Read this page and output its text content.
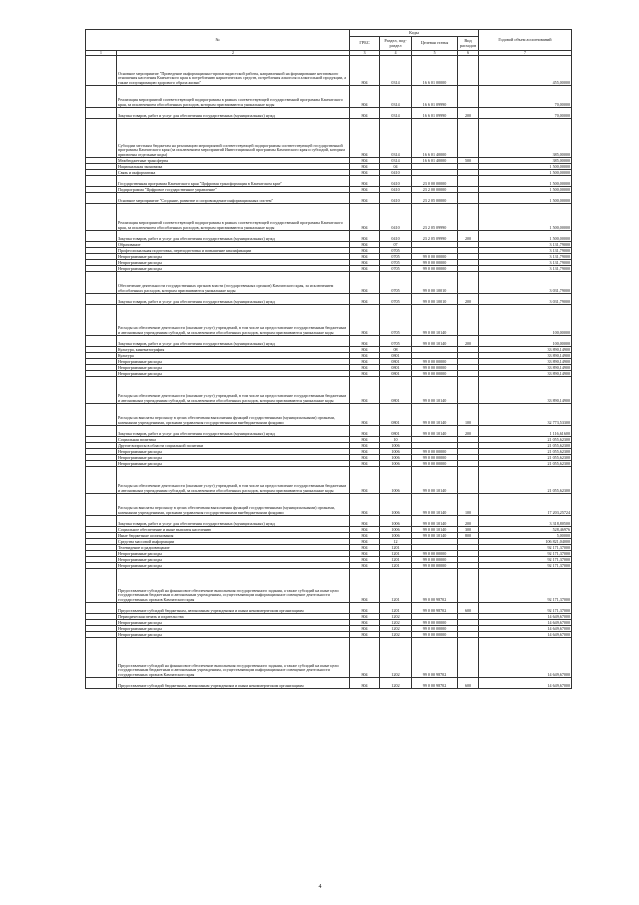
№		Коды				Годовой объем ассигнований
		ГРБС	Раздел, под-раздел	Целевая статья	Вид расходов	
1	2	3	4	5	6	7
	Основное мероприятие "Проведение информационно-пропагандистской работы, направленной на формирование негативного отношения населения Камчатского края к потреблению наркотических средств, потребления алкоголя и алкогольной продукции, а также популяризацию здорового образа жизни"	804	0314	16 6 01 00000		455,00000
	Реализация мероприятий соответствующей подпрограммы в рамках соответствующей государственной программы Камчатского края, за исключением обособленных расходов, которым присваиваются уникальные коды	804	0314	16 6 01 09990		70,00000
	Закупка товаров, работ и услуг для обеспечения государственных (муниципальных) нужд	804	0314	16 6 01 09990	200	70,00000
	Субсидии местным бюджетам на реализацию мероприятий соответствующей подпрограммы соответствующей государственной программы Камчатского края (за исключением мероприятий Инвестиционной программы Камчатского края и субсидий, которым присвоены отдельные коды)	804	0314	16 6 01 40000		385,00000
	Межбюджетные трансферты	804	0314	16 6 01 40000	500	385,00000
	Национальная экономика	804	04			1 500,00000
	Связь и информатика	804	0410			1 500,00000
	Государственная программа Камчатского края "Цифровая трансформация в Камчатском крае"	804	0410	23 0 00 00000		1 500,00000
	Подпрограмма "Цифровое государственное управление"	804	0410	23 2 00 00000		1 500,00000
	Основное мероприятие "Создание, развитие и сопровождение информационных систем"	804	0410	23 2 05 00000		1 500,00000
	Реализация мероприятий соответствующей подпрограммы в рамках соответствующей государственной программы Камчатского края, за исключением обособленных расходов, которым присваиваются уникальные коды	804	0410	23 2 05 09990		1 500,00000
	Закупка товаров, работ и услуг для обеспечения государственных (муниципальных) нужд	804	0410	23 2 05 09990	200	1 500,00000
	Образование	804	07			3 131,79000
	Профессиональная подготовка, переподготовка и повышение квалификации	804	0705			3 131,79000
	Непрограммные расходы	804	0705	99 0 00 00000		3 131,79000
	Непрограммные расходы	804	0705	99 0 00 00000		3 131,79000
	Непрограммные расходы	804	0705	99 0 00 00000		3 131,79000
	Обеспечение деятельности государственных органов власти (государственных органов) Камчатского края, за исключением обособленных расходов, которым присваиваются уникальные коды	804	0705	99 0 00 10010		3 031,79000
	Закупка товаров, работ и услуг для обеспечения государственных (муниципальных) нужд	804	0705	99 0 00 10010	200	3 031,79000
	Расходы на обеспечение деятельности (оказание услуг) учреждений, в том числе на предоставление государственным бюджетным и автономным учреждениям субсидий, за исключением обособленных расходов, которым присваиваются уникальные коды	804	0705	99 0 00 10140		100,00000
	Закупка товаров, работ и услуг для обеспечения государственных (муниципальных) нужд	804	0705	99 0 00 10140	200	100,00000
	Культура, кинематография	804	08			33 890,14900
	Культура	804	0801			33 890,14900
	Непрограммные расходы	804	0801	99 0 00 00000		33 890,14900
	Непрограммные расходы	804	0801	99 0 00 00000		33 890,14900
	Непрограммные расходы	804	0801	99 0 00 00000		33 890,14900
	Расходы на обеспечение деятельности (оказание услуг) учреждений, в том числе на предоставление государственным бюджетным и автономным учреждениям субсидий, за исключением обособленных расходов, которым присваиваются уникальные коды	804	0801	99 0 00 10140		33 890,14900
	Расходы на выплаты персоналу в целях обеспечения выполнения функций государственными (муниципальными) органами, казенными учреждениями, органами управления государственными внебюджетными фондами	804	0801	99 0 00 10140	100	32 773,53300
	Закупка товаров, работ и услуг для обеспечения государственных (муниципальных) нужд	804	0801	99 0 00 10140	200	1 116,61600
	Социальная политика	804	10			21 055,62300
	Другие вопросы в области социальной политики	804	1006			21 055,62300
	Непрограммные расходы	804	1006	99 0 00 00000		21 055,62300
	Непрограммные расходы	804	1006	99 0 00 00000		21 055,62300
	Непрограммные расходы	804	1006	99 0 00 00000		21 055,62300
	Расходы на обеспечение деятельности (оказание услуг) учреждений, в том числе на предоставление государственным бюджетным и автономным учреждениям субсидий, за исключением обособленных расходов, которым присваиваются уникальные коды	804	1006	99 0 00 10140		21 055,62300
	Расходы на выплаты персоналу в целях обеспечения выполнения функций государственными (муниципальными) органами, казенными учреждениями, органами управления государственными внебюджетными фондами	804	1006	99 0 00 10140	100	17 203,25724
	Закупка товаров, работ и услуг для обеспечения государственных (муниципальных) нужд	804	1006	99 0 00 10140	200	3 318,80500
	Социальное обеспечение и иные выплаты населению	804	1006	99 0 00 10140	300	528,46976
	Иные бюджетные ассигнования	804	1006	99 0 00 10140	800	5,00000
	Средства массовой информации	804	12			106 821,04000
	Телевидение и радиовещание	804	1201			92 171,37000
	Непрограммные расходы	804	1201	99 0 00 00000		92 171,37000
	Непрограммные расходы	804	1201	99 0 00 00000		92 171,37000
	Непрограммные расходы	804	1201	99 0 00 00000		92 171,37000
	Предоставление субсидий на финансовое обеспечение выполнения государственного задания, а также субсидий на иные цели государственным бюджетным и автономным учреждениям, осуществляющим информационное освещение деятельности государственных органов Камчатского края	804	1201	99 0 00 98702		92 171,37000
	Предоставление субсидий бюджетным, автономным учреждениям и иным некоммерческим организациям	804	1201	99 0 00 98702	600	92 171,37000
	Периодическая печать и издательства	804	1202			14 649,67000
	Непрограммные расходы	804	1202	99 0 00 00000		14 649,67000
	Непрограммные расходы	804	1202	99 0 00 00000		14 649,67000
	Непрограммные расходы	804	1202	99 0 00 00000		14 649,67000
	Предоставление субсидий на финансовое обеспечение выполнения государственного задания, а также субсидий на иные цели государственным бюджетным и автономным учреждениям, осуществляющим информационное освещение деятельности государственных органов Камчатского края	804	1202	99 0 00 98702		14 649,67000
	Предоставление субсидий бюджетным, автономным учреждениям и иным некоммерческим организациям	804	1202	99 0 00 98702	600	14 649,67000
4
